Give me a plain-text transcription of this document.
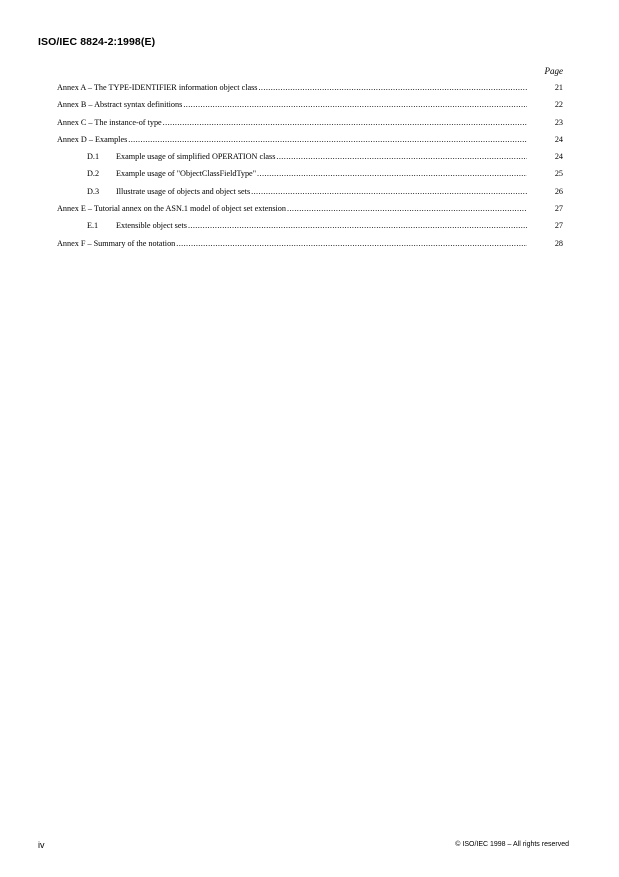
ISO/IEC 8824-2:1998(E)
Page
Annex A – The TYPE-IDENTIFIER information object class .....	21
Annex B – Abstract syntax definitions .....	22
Annex C – The instance-of type .....	23
Annex D – Examples .....	24
D.1	Example usage of simplified OPERATION class .....	24
D.2	Example usage of "ObjectClassFieldType" .....	25
D.3	Illustrate usage of objects and object sets .....	26
Annex E – Tutorial annex on the ASN.1 model of object set extension .....	27
E.1	Extensible object sets .....	27
Annex F – Summary of the notation .....	28
iv	© ISO/IEC 1998 – All rights reserved
